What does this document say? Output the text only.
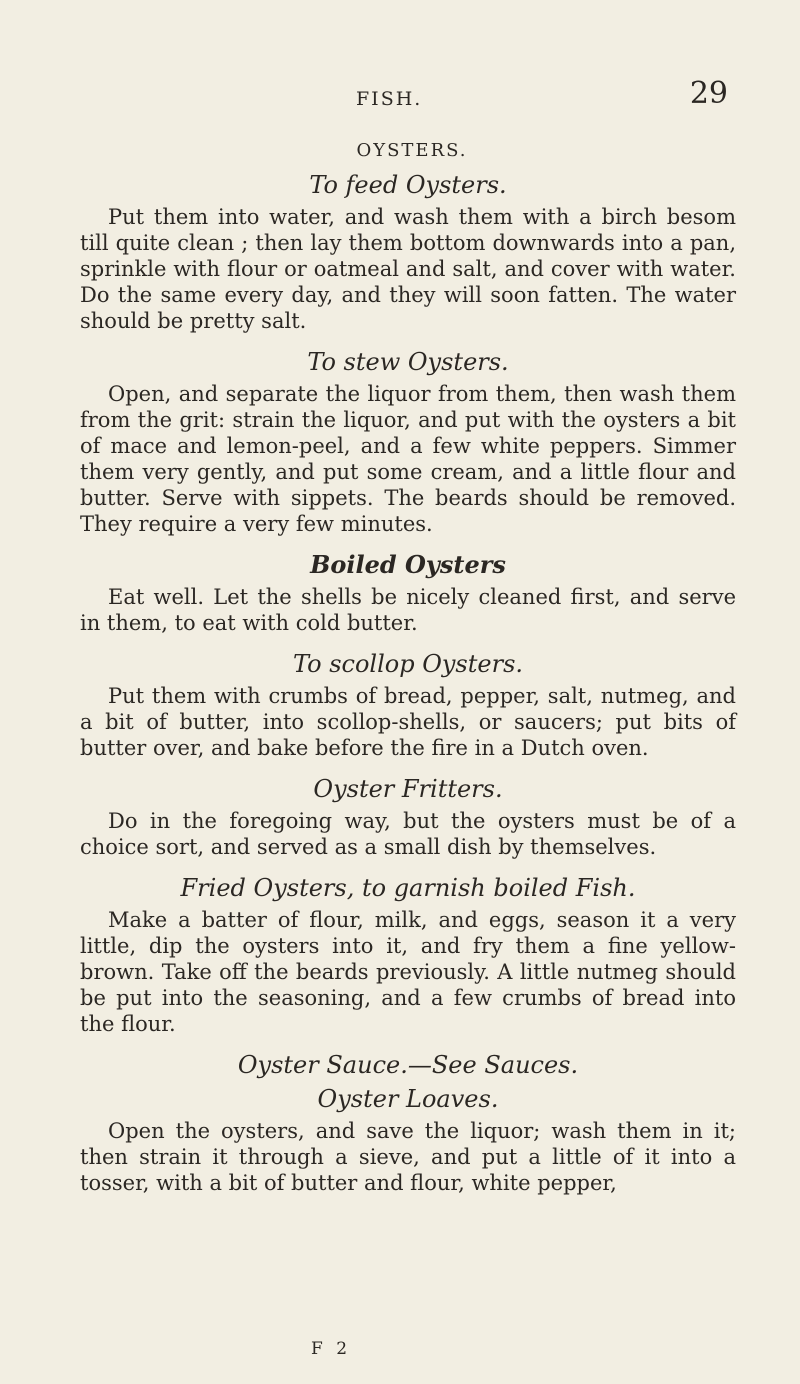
FISH.	29
OYSTERS.
To feed Oysters.

Put them into water, and wash them with a birch besom till quite clean ; then lay them bottom downwards into a pan, sprinkle with flour or oatmeal and salt, and cover with water. Do the same every day, and they will soon fatten. The water should be pretty salt.

To stew Oysters.

Open, and separate the liquor from them, then wash them from the grit: strain the liquor, and put with the oysters a bit of mace and lemon-peel, and a few white peppers. Simmer them very gently, and put some cream, and a little flour and butter. Serve with sippets. The beards should be removed. They require a very few minutes.

Boiled Oysters

Eat well. Let the shells be nicely cleaned first, and serve in them, to eat with cold butter.

To scollop Oysters.

Put them with crumbs of bread, pepper, salt, nutmeg, and a bit of butter, into scollop-shells, or saucers; put bits of butter over, and bake before the fire in a Dutch oven.

Oyster Fritters.

Do in the foregoing way, but the oysters must be of a choice sort, and served as a small dish by themselves.

Fried Oysters, to garnish boiled Fish.

Make a batter of flour, milk, and eggs, season it a very little, dip the oysters into it, and fry them a fine yellow-brown. Take off the beards previously. A little nutmeg should be put into the seasoning, and a few crumbs of bread into the flour.

Oyster Sauce.—See Sauces.
Oyster Loaves.

Open the oysters, and save the liquor; wash them in it; then strain it through a sieve, and put a little of it into a tosser, with a bit of butter and flour, white pepper,

F 2
